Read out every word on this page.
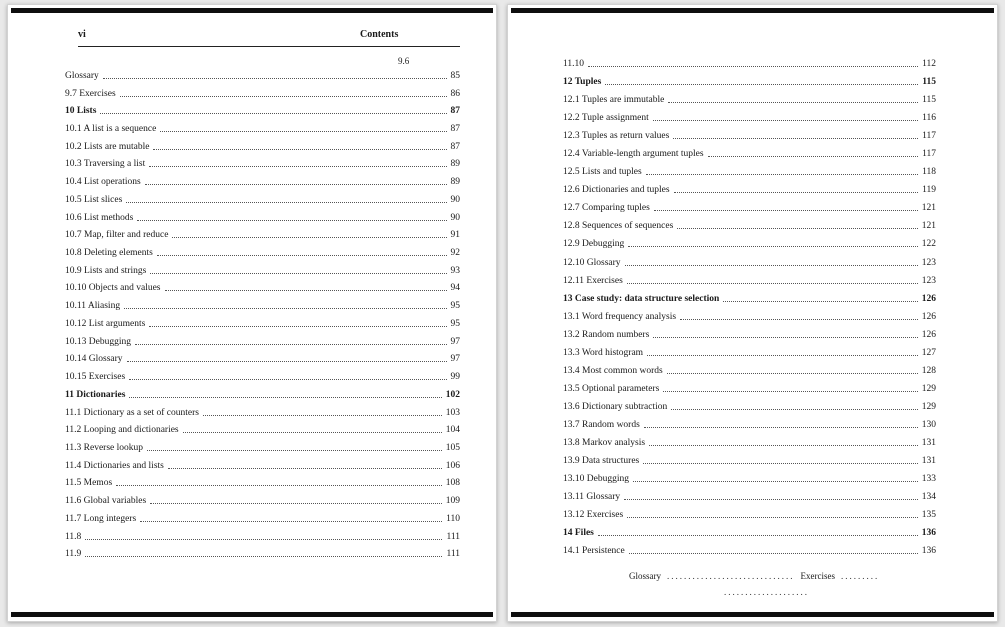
vi	Contents
9.6
Glossary	85
9.7 Exercises	86
10 Lists	87
10.1 A list is a sequence	87
10.2 Lists are mutable	87
10.3 Traversing a list	89
10.4 List operations	89
10.5 List slices	90
10.6 List methods	90
10.7 Map, filter and reduce	91
10.8 Deleting elements	92
10.9 Lists and strings	93
10.10 Objects and values	94
10.11 Aliasing	95
10.12 List arguments	95
10.13 Debugging	97
10.14 Glossary	97
10.15 Exercises	99
11 Dictionaries	102
11.1 Dictionary as a set of counters	103
11.2 Looping and dictionaries	104
11.3 Reverse lookup	105
11.4 Dictionaries and lists	106
11.5 Memos	108
11.6 Global variables	109
11.7 Long integers	110
11.8	111
11.9	111
11.10	112
12 Tuples	115
12.1 Tuples are immutable	115
12.2 Tuple assignment	116
12.3 Tuples as return values	117
12.4 Variable-length argument tuples	117
12.5 Lists and tuples	118
12.6 Dictionaries and tuples	119
12.7 Comparing tuples	121
12.8 Sequences of sequences	121
12.9 Debugging	122
12.10 Glossary	123
12.11 Exercises	123
13 Case study: data structure selection	126
13.1 Word frequency analysis	126
13.2 Random numbers	126
13.3 Word histogram	127
13.4 Most common words	128
13.5 Optional parameters	129
13.6 Dictionary subtraction	129
13.7 Random words	130
13.8 Markov analysis	131
13.9 Data structures	131
13.10 Debugging	133
13.11 Glossary	134
13.12 Exercises	135
14 Files	136
14.1 Persistence	136
Glossary .............................. Exercises .........
....................
